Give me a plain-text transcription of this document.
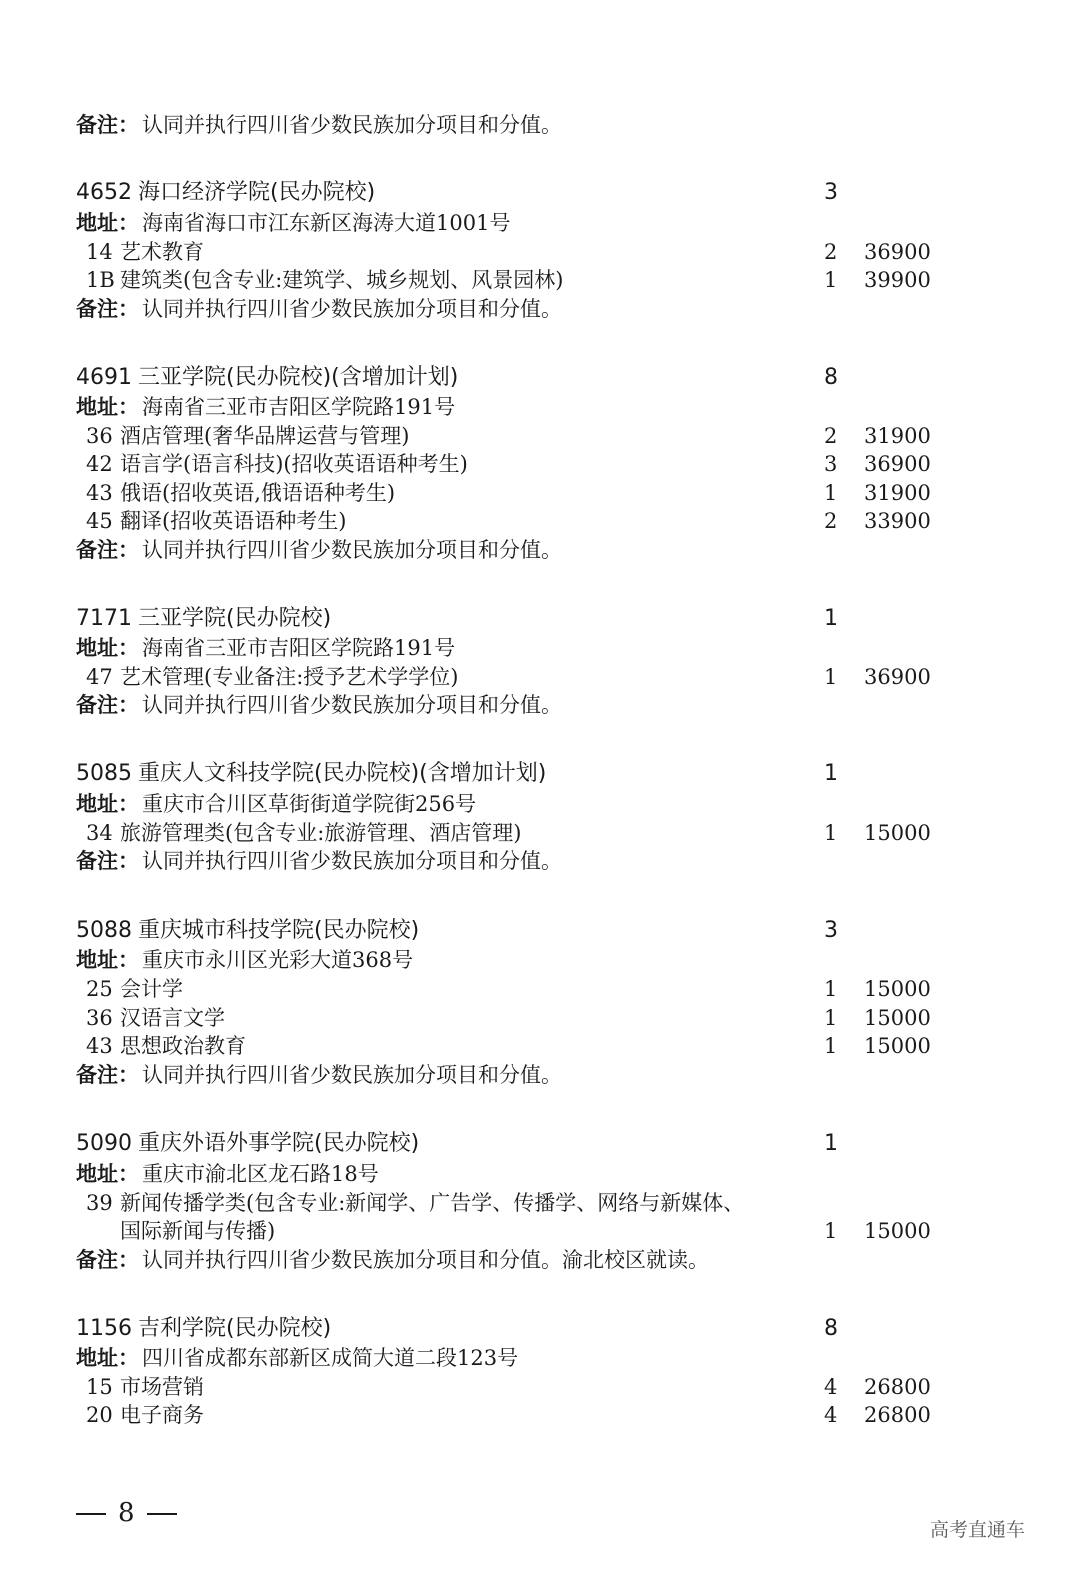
备注： 认同并执行四川省少数民族加分项目和分值。
4652 海口经济学院(民办院校)	3
地址： 海南省海口市江东新区海涛大道1001号
14 艺术教育	2 36900
1B 建筑类(包含专业:建筑学、城乡规划、风景园林)	1 39900
备注： 认同并执行四川省少数民族加分项目和分值。
4691 三亚学院(民办院校)(含增加计划)	8
地址： 海南省三亚市吉阳区学院路191号
36 酒店管理(奢华品牌运营与管理)	2 31900
42 语言学(语言科技)(招收英语语种考生)	3 36900
43 俄语(招收英语,俄语语种考生)	1 31900
45 翻译(招收英语语种考生)	2 33900
备注： 认同并执行四川省少数民族加分项目和分值。
7171 三亚学院(民办院校)	1
地址： 海南省三亚市吉阳区学院路191号
47 艺术管理(专业备注:授予艺术学学位)	1 36900
备注： 认同并执行四川省少数民族加分项目和分值。
5085 重庆人文科技学院(民办院校)(含增加计划)	1
地址： 重庆市合川区草街街道学院街256号
34 旅游管理类(包含专业:旅游管理、酒店管理)	1 15000
备注： 认同并执行四川省少数民族加分项目和分值。
5088 重庆城市科技学院(民办院校)	3
地址： 重庆市永川区光彩大道368号
25 会计学	1 15000
36 汉语言文学	1 15000
43 思想政治教育	1 15000
备注： 认同并执行四川省少数民族加分项目和分值。
5090 重庆外语外事学院(民办院校)	1
地址： 重庆市渝北区龙石路18号
39 新闻传播学类(包含专业:新闻学、广告学、传播学、网络与新媒体、
国际新闻与传播)	1 15000
备注： 认同并执行四川省少数民族加分项目和分值。渝北校区就读。
1156 吉利学院(民办院校)	8
地址： 四川省成都东部新区成简大道二段123号
15 市场营销	4 26800
20 电子商务	4 26800
8
高考直通车
